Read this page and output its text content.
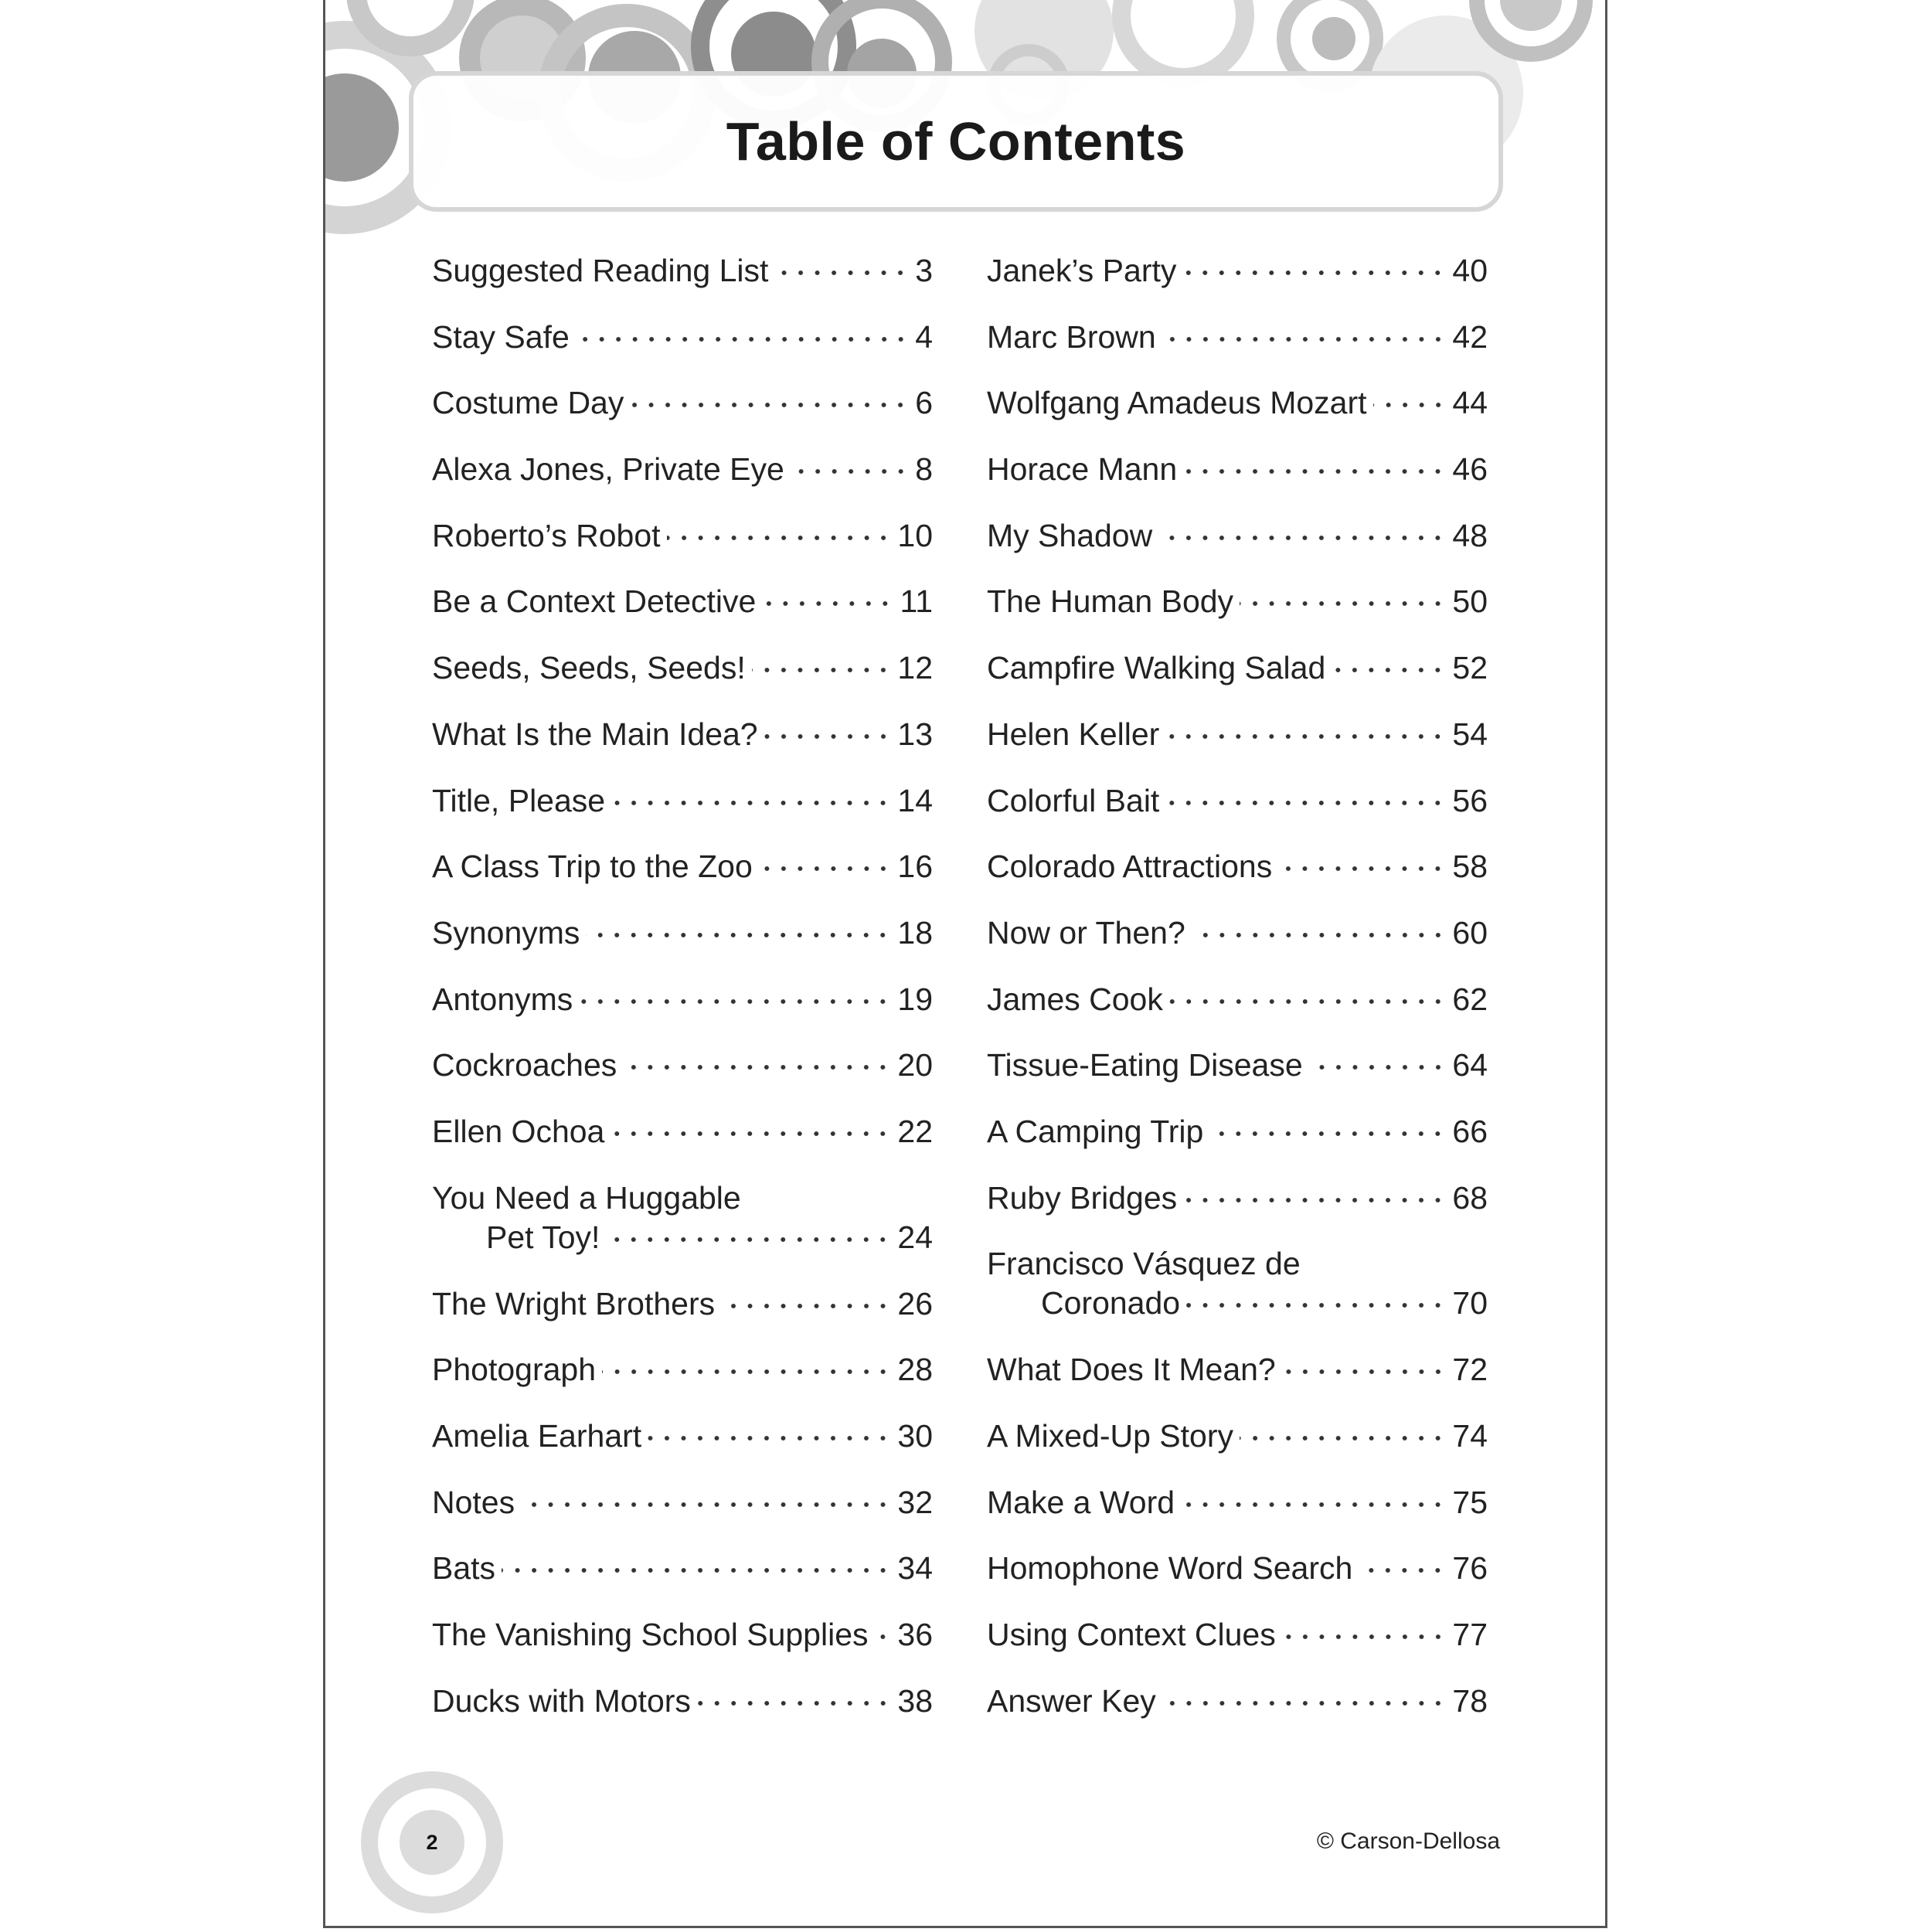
Table of Contents
Suggested Reading List	3
Stay Safe	4
Costume Day	6
Alexa Jones, Private Eye	8
Roberto’s Robot	10
Be a Context Detective	11
Seeds, Seeds, Seeds!	12
What Is the Main Idea?	13
Title, Please	14
A Class Trip to the Zoo	16
Synonyms	18
Antonyms	19
Cockroaches	20
Ellen Ochoa	22
You Need a Huggable
Pet Toy!	24
The Wright Brothers	26
Photograph	28
Amelia Earhart	30
Notes	32
Bats	34
The Vanishing School Supplies 36
Ducks with Motors	38
Janek’s Party	40
Marc Brown	42
Wolfgang Amadeus Mozart	44
Horace Mann	46
My Shadow	48
The Human Body	50
Campfire Walking Salad	52
Helen Keller	54
Colorful Bait	56
Colorado Attractions	58
Now or Then?	60
James Cook	62
Tissue-Eating Disease	64
A Camping Trip	66
Ruby Bridges	68
Francisco Vásquez de
Coronado	70
What Does It Mean?	72
A Mixed-Up Story	74
Make a Word	75
Homophone Word Search	76
Using Context Clues	77
Answer Key	78
2	© Carson-Dellosa
